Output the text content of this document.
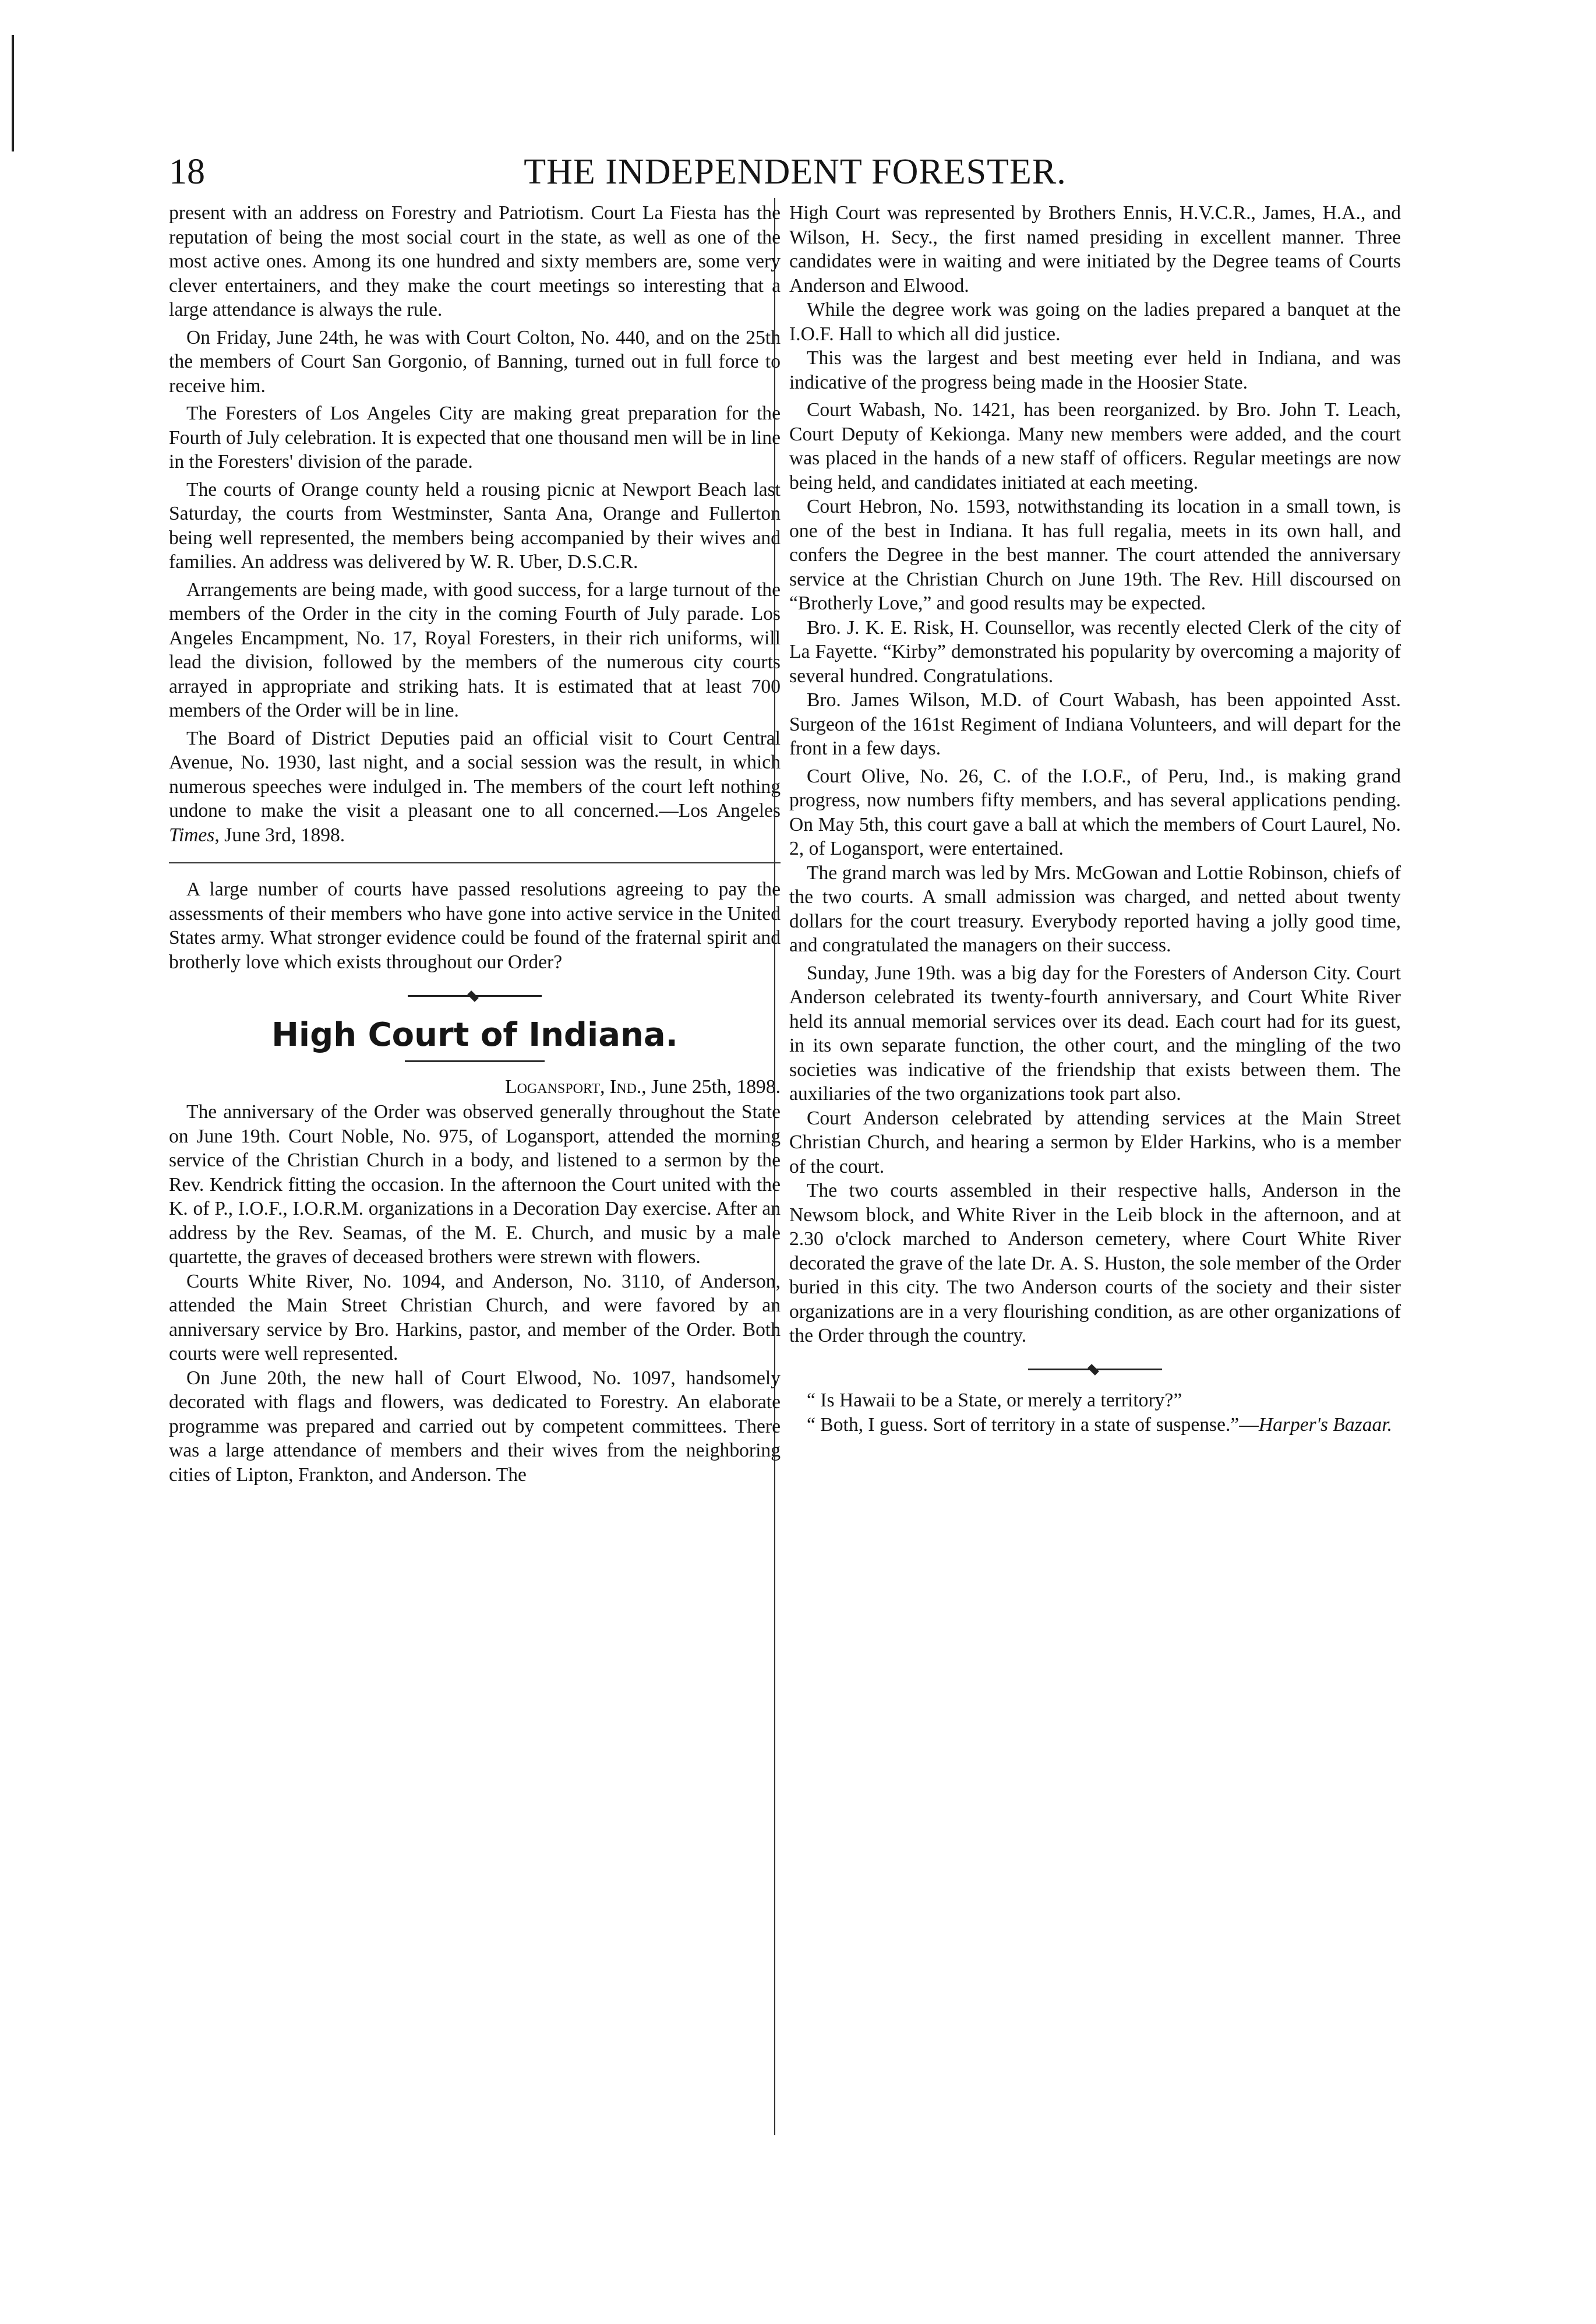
18	THE INDEPENDENT FORESTER.

present with an address on Forestry and Patriotism. Court La Fiesta has the reputation of being the most social court in the state, as well as one of the most active ones. Among its one hundred and sixty members are, some very clever entertainers, and they make the court meetings so interesting that a large attendance is always the rule.

On Friday, June 24th, he was with Court Colton, No. 440, and on the 25th the members of Court San Gorgonio, of Banning, turned out in full force to receive him.

The Foresters of Los Angeles City are making great preparation for the Fourth of July celebration. It is expected that one thousand men will be in line in the Foresters' division of the parade.

The courts of Orange county held a rousing picnic at Newport Beach last Saturday, the courts from Westminster, Santa Ana, Orange and Fullerton being well represented, the members being accompanied by their wives and families. An address was delivered by W. R. Uber, D.S.C.R.

Arrangements are being made, with good success, for a large turnout of the members of the Order in the city in the coming Fourth of July parade. Los Angeles Encampment, No. 17, Royal Foresters, in their rich uniforms, will lead the division, followed by the members of the numerous city courts arrayed in appropriate and striking hats. It is estimated that at least 700 members of the Order will be in line.

The Board of District Deputies paid an official visit to Court Central Avenue, No. 1930, last night, and a social session was the result, in which numerous speeches were indulged in. The members of the court left nothing undone to make the visit a pleasant one to all concerned.—Los Angeles Times, June 3rd, 1898.

A large number of courts have passed resolutions agreeing to pay the assessments of their members who have gone into active service in the United States army. What stronger evidence could be found of the fraternal spirit and brotherly love which exists throughout our Order?

High Court of Indiana.

Logansport, Ind., June 25th, 1898.

The anniversary of the Order was observed generally throughout the State on June 19th. Court Noble, No. 975, of Logansport, attended the morning service of the Christian Church in a body, and listened to a sermon by the Rev. Kendrick fitting the occasion. In the afternoon the Court united with the K. of P., I.O.F., I.O.R.M. organizations in a Decoration Day exercise. After an address by the Rev. Seamas, of the M. E. Church, and music by a male quartette, the graves of deceased brothers were strewn with flowers.

Courts White River, No. 1094, and Anderson, No. 3110, of Anderson, attended the Main Street Christian Church, and were favored by an anniversary service by Bro. Harkins, pastor, and member of the Order. Both courts were well represented.

On June 20th, the new hall of Court Elwood, No. 1097, handsomely decorated with flags and flowers, was dedicated to Forestry. An elaborate programme was prepared and carried out by competent committees. There was a large attendance of members and their wives from the neighboring cities of Lipton, Frankton, and Anderson. The

High Court was represented by Brothers Ennis, H.V.C.R., James, H.A., and Wilson, H. Secy., the first named presiding in excellent manner. Three candidates were in waiting and were initiated by the Degree teams of Courts Anderson and Elwood.

While the degree work was going on the ladies prepared a banquet at the I.O.F. Hall to which all did justice.

This was the largest and best meeting ever held in Indiana, and was indicative of the progress being made in the Hoosier State.

Court Wabash, No. 1421, has been reorganized. by Bro. John T. Leach, Court Deputy of Kekionga. Many new members were added, and the court was placed in the hands of a new staff of officers. Regular meetings are now being held, and candidates initiated at each meeting.

Court Hebron, No. 1593, notwithstanding its location in a small town, is one of the best in Indiana. It has full regalia, meets in its own hall, and confers the Degree in the best manner. The court attended the anniversary service at the Christian Church on June 19th. The Rev. Hill discoursed on “Brotherly Love,” and good results may be expected.

Bro. J. K. E. Risk, H. Counsellor, was recently elected Clerk of the city of La Fayette. “Kirby” demonstrated his popularity by overcoming a majority of several hundred. Congratulations.

Bro. James Wilson, M.D. of Court Wabash, has been appointed Asst. Surgeon of the 161st Regiment of Indiana Volunteers, and will depart for the front in a few days.

Court Olive, No. 26, C. of the I.O.F., of Peru, Ind., is making grand progress, now numbers fifty members, and has several applications pending. On May 5th, this court gave a ball at which the members of Court Laurel, No. 2, of Logansport, were entertained.

The grand march was led by Mrs. McGowan and Lottie Robinson, chiefs of the two courts. A small admission was charged, and netted about twenty dollars for the court treasury. Everybody reported having a jolly good time, and congratulated the managers on their success.

Sunday, June 19th. was a big day for the Foresters of Anderson City. Court Anderson celebrated its twenty-fourth anniversary, and Court White River held its annual memorial services over its dead. Each court had for its guest, in its own separate function, the other court, and the mingling of the two societies was indicative of the friendship that exists between them. The auxiliaries of the two organizations took part also.

Court Anderson celebrated by attending services at the Main Street Christian Church, and hearing a sermon by Elder Harkins, who is a member of the court.

The two courts assembled in their respective halls, Anderson in the Newsom block, and White River in the Leib block in the afternoon, and at 2.30 o'clock marched to Anderson cemetery, where Court White River decorated the grave of the late Dr. A. S. Huston, the sole member of the Order buried in this city. The two Anderson courts of the society and their sister organizations are in a very flourishing condition, as are other organizations of the Order through the country.

“ Is Hawaii to be a State, or merely a territory?”

“ Both, I guess. Sort of territory in a state of suspense.”—Harper's Bazaar.
